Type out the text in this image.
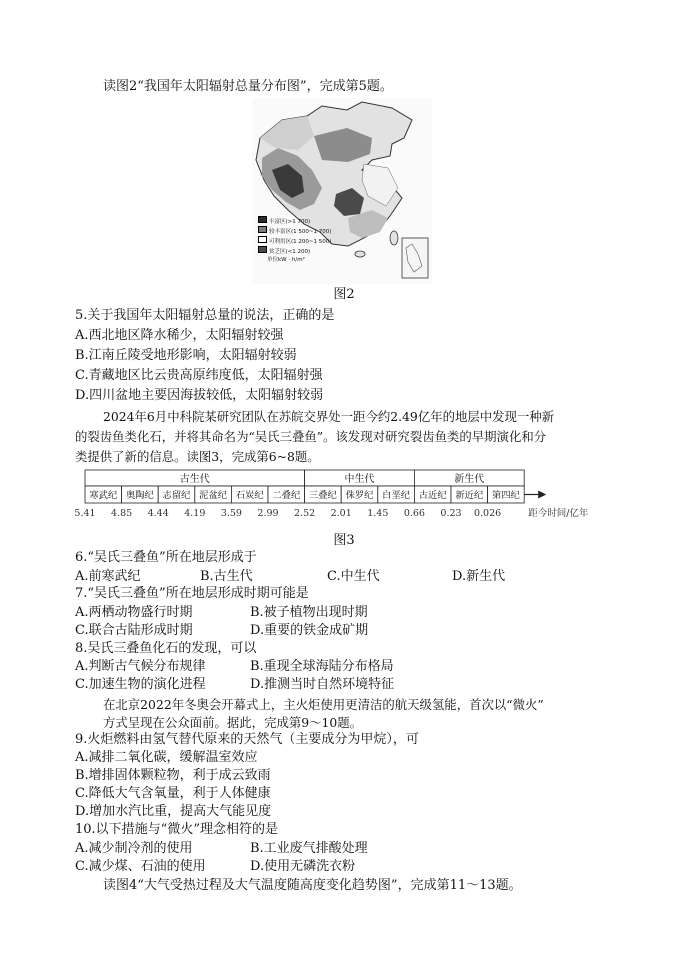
读图2“我国年太阳辐射总量分布图”，完成第5题。
丰富区(>1 700)
较丰富区(1 500~1 700)
可利用区(1 200~1 500)
贫乏区(<1 200)
单位kW · h/m²
图2
5.关于我国年太阳辐射总量的说法，正确的是
A.西北地区降水稀少，太阳辐射较强
B.江南丘陵受地形影响，太阳辐射较弱
C.青藏地区比云贵高原纬度低，太阳辐射强
D.四川盆地主要因海拔较低，太阳辐射较弱
2024年6月中科院某研究团队在苏皖交界处一距今约2.49亿年的地层中发现一种新
的裂齿鱼类化石，并将其命名为“吴氏三叠鱼”。该发现对研究裂齿鱼类的早期演化和分
类提供了新的信息。读图3，完成第6~8题。
古生代	中生代	新生代
寒武纪 奥陶纪 志留纪 泥盆纪 石炭纪 二叠纪 三叠纪 侏罗纪 白垩纪 古近纪 新近纪 第四纪
5.41 4.85 4.44 4.19 3.59 2.99 2.52 2.01 1.45 0.66 0.23 0.026	距今时间/亿年
图3
6.“吴氏三叠鱼”所在地层形成于
A.前寒武纪	B.古生代	C.中生代	D.新生代
7.“吴氏三叠鱼”所在地层形成时期可能是
A.两栖动物盛行时期	B.被子植物出现时期
C.联合古陆形成时期	D.重要的铁金成矿期
8.吴氏三叠鱼化石的发现，可以
A.判断古气候分布规律	B.重现全球海陆分布格局
C.加速生物的演化进程	D.推测当时自然环境特征
在北京2022年冬奥会开幕式上，主火炬使用更清洁的航天级氢能，首次以“微火”
方式呈现在公众面前。据此，完成第9～10题。
9.火炬燃料由氢气替代原来的天然气（主要成分为甲烷），可
A.减排二氧化碳，缓解温室效应
B.增排固体颗粒物，利于成云致雨
C.降低大气含氧量，利于人体健康
D.增加水汽比重，提高大气能见度
10.以下措施与“微火”理念相符的是
A.减少制冷剂的使用	B.工业废气排酸处理
C.减少煤、石油的使用	D.使用无磷洗衣粉
读图4“大气受热过程及大气温度随高度变化趋势图”，完成第11～13题。
